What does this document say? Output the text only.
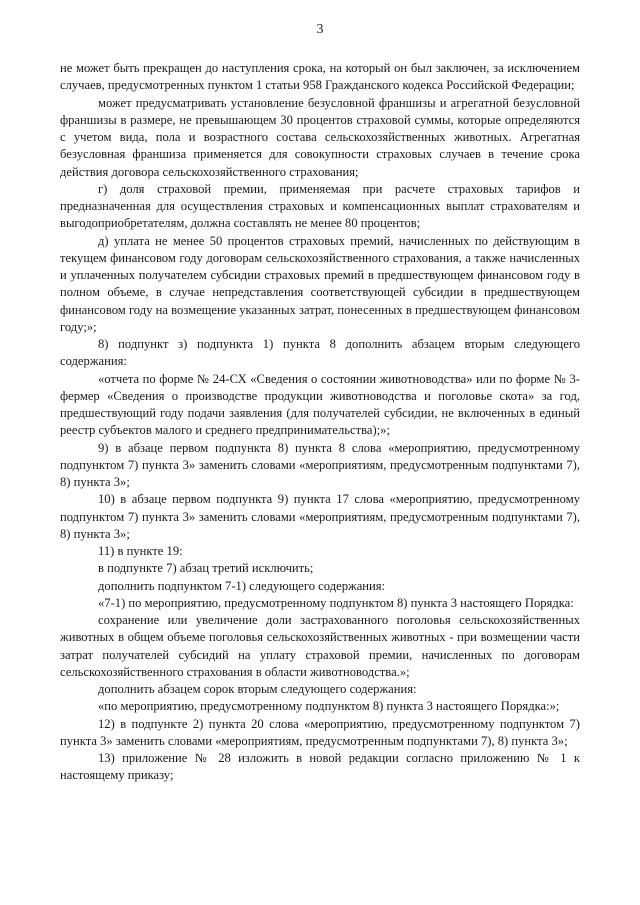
3

не может быть прекращен до наступления срока, на который он был заключен, за исключением случаев, предусмотренных пунктом 1 статьи 958 Гражданского кодекса Российской Федерации;

может предусматривать установление безусловной франшизы и агрегатной безусловной франшизы в размере, не превышающем 30 процентов страховой суммы, которые определяются с учетом вида, пола и возрастного состава сельскохозяйственных животных. Агрегатная безусловная франшиза применяется для совокупности страховых случаев в течение срока действия договора сельскохозяйственного страхования;

г) доля страховой премии, применяемая при расчете страховых тарифов и предназначенная для осуществления страховых и компенсационных выплат страхователям и выгодоприобретателям, должна составлять не менее 80 процентов;

д) уплата не менее 50 процентов страховых премий, начисленных по действующим в текущем финансовом году договорам сельскохозяйственного страхования, а также начисленных и уплаченных получателем субсидии страховых премий в предшествующем финансовом году в полном объеме, в случае непредставления соответствующей субсидии в предшествующем финансовом году на возмещение указанных затрат, понесенных в предшествующем финансовом году;»;

8) подпункт з) подпункта 1) пункта 8 дополнить абзацем вторым следующего содержания:

«отчета по форме № 24-СХ «Сведения о состоянии животноводства» или по форме № 3-фермер «Сведения о производстве продукции животноводства и поголовье скота» за год, предшествующий году подачи заявления (для получателей субсидии, не включенных в единый реестр субъектов малого и среднего предпринимательства);»;

9) в абзаце первом подпункта 8) пункта 8 слова «мероприятию, предусмотренному подпунктом 7) пункта 3» заменить словами «мероприятиям, предусмотренным подпунктами 7), 8) пункта 3»;

10) в абзаце первом подпункта 9) пункта 17 слова «мероприятию, предусмотренному подпунктом 7) пункта 3» заменить словами «мероприятиям, предусмотренным подпунктами 7), 8) пункта 3»;

11) в пункте 19:

в подпункте 7) абзац третий исключить;

дополнить подпунктом 7-1) следующего содержания:

«7-1) по мероприятию, предусмотренному подпунктом 8) пункта 3 настоящего Порядка:

сохранение или увеличение доли застрахованного поголовья сельскохозяйственных животных в общем объеме поголовья сельскохозяйственных животных - при возмещении части затрат получателей субсидий на уплату страховой премии, начисленных по договорам сельскохозяйственного страхования в области животноводства.»;

дополнить абзацем сорок вторым следующего содержания:

«по мероприятию, предусмотренному подпунктом 8) пункта 3 настоящего Порядка:»;

12) в подпункте 2) пункта 20 слова «мероприятию, предусмотренному подпунктом 7) пункта 3» заменить словами «мероприятиям, предусмотренным подпунктами 7), 8) пункта 3»;

13) приложение № 28 изложить в новой редакции согласно приложению № 1 к настоящему приказу;
